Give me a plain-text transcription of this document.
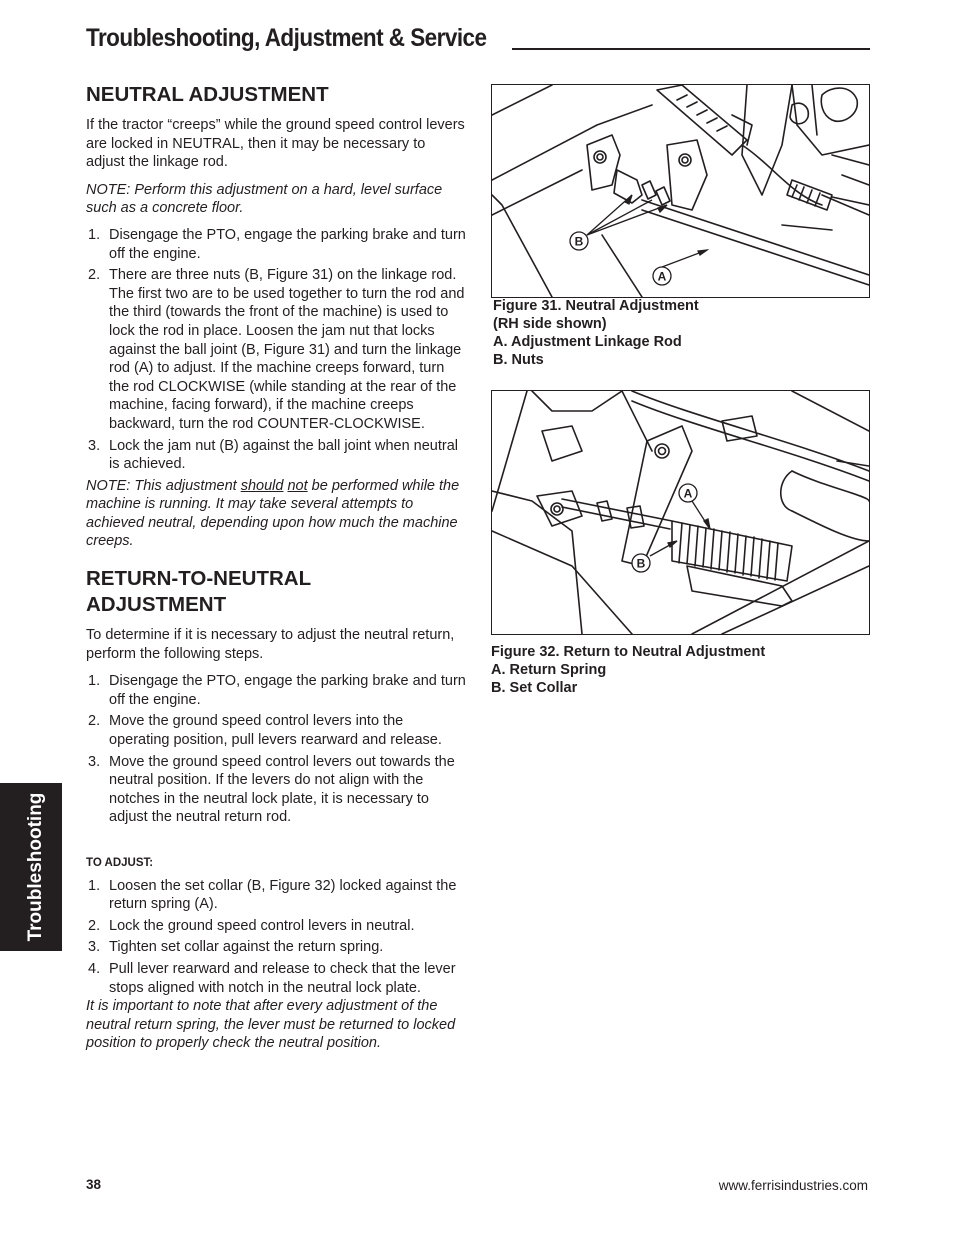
Troubleshooting, Adjustment & Service
Troubleshooting
NEUTRAL ADJUSTMENT

If the tractor “creeps” while the ground speed control levers are locked in NEUTRAL, then it may be necessary to adjust the linkage rod.

NOTE: Perform this adjustment on a hard, level surface such as a concrete floor.

1. Disengage the PTO, engage the parking brake and turn off the engine.
2. There are three nuts (B, Figure 31) on the linkage rod. The first two are to be used together to turn the rod and the third (towards the front of the machine) is used to lock the rod in place. Loosen the jam nut that locks against the ball joint (B, Figure 31) and turn the linkage rod (A) to adjust. If the machine creeps forward, turn the rod CLOCKWISE (while standing at the rear of the machine, facing forward), if the machine creeps backward, turn the rod COUNTER-CLOCKWISE.
3. Lock the jam nut (B) against the ball joint when neutral is achieved.

NOTE: This adjustment should not be performed while the machine is running. It may take several attempts to achieved neutral, depending upon how much the machine creeps.

RETURN-TO-NEUTRAL
ADJUSTMENT

To determine if it is necessary to adjust the neutral return, perform the following steps.

1. Disengage the PTO, engage the parking brake and turn off the engine.
2. Move the ground speed control levers into the operating position, pull levers rearward and release.
3. Move the ground speed control levers out towards the neutral position. If the levers do not align with the notches in the neutral lock plate, it is necessary to adjust the neutral return rod.

TO ADJUST:

1. Loosen the set collar (B, Figure 32) locked against the return spring (A).
2. Lock the ground speed control levers in neutral.
3. Tighten set collar against the return spring.
4. Pull lever rearward and release to check that the lever stops aligned with notch in the neutral lock plate.

It is important to note that after every adjustment of the neutral return spring, the lever must be returned to locked position to properly check the neutral position.

B
A
Figure 31. Neutral Adjustment
(RH side shown)
A. Adjustment Linkage Rod
B. Nuts
A
B
Figure 32. Return to Neutral Adjustment
A. Return Spring
B. Set Collar
38	www.ferrisindustries.com
